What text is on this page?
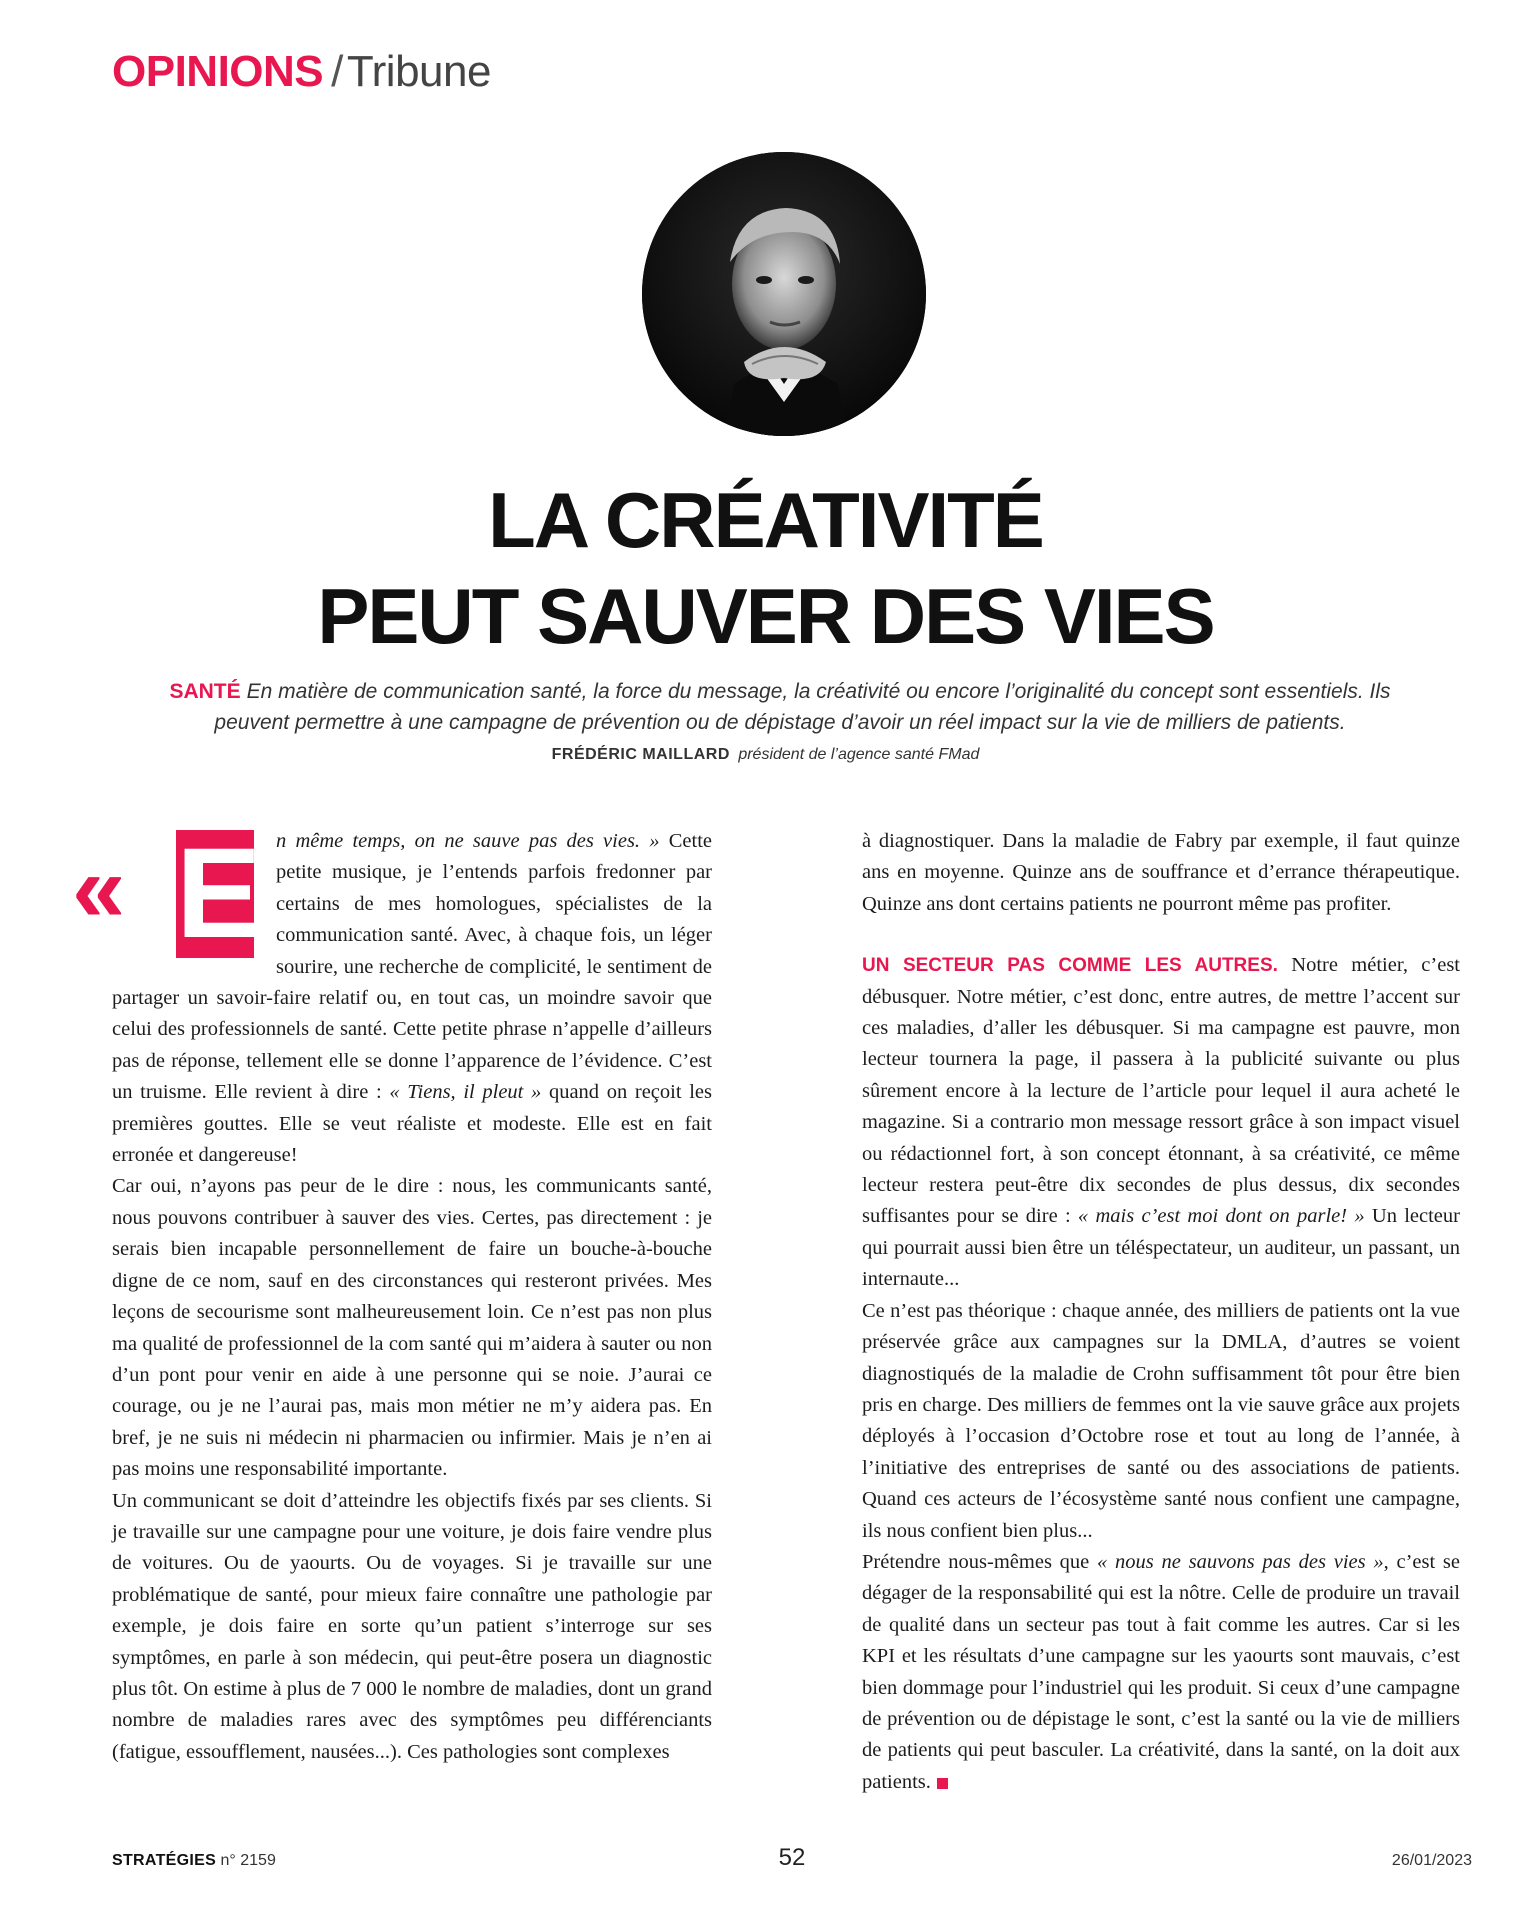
OPINIONS /Tribune
LA CRÉATIVITÉ
PEUT SAUVER DES VIES
SANTÉ En matière de communication santé, la force du message, la créativité ou encore l’originalité du concept sont essentiels. Ils peuvent permettre à une campagne de prévention ou de dépistage d’avoir un réel impact sur la vie de milliers de patients.
FRÉDÉRIC MAILLARD président de l’agence santé FMad
« E n même temps, on ne sauve pas des vies. » Cette petite musique, je l’entends parfois fredonner par certains de mes homologues, spécialistes de la communication santé. Avec, à chaque fois, un léger sourire, une recherche de complicité, le sentiment de partager un savoir-faire relatif ou, en tout cas, un moindre savoir que celui des professionnels de santé. Cette petite phrase n’appelle d’ailleurs pas de réponse, tellement elle se donne l’apparence de l’évidence. C’est un truisme. Elle revient à dire : « Tiens, il pleut » quand on reçoit les premières gouttes. Elle se veut réaliste et modeste. Elle est en fait erronée et dangereuse!

Car oui, n’ayons pas peur de le dire : nous, les communicants santé, nous pouvons contribuer à sauver des vies. Certes, pas directement : je serais bien incapable personnellement de faire un bouche-à-bouche digne de ce nom, sauf en des circonstances qui resteront privées. Mes leçons de secourisme sont malheureusement loin. Ce n’est pas non plus ma qualité de professionnel de la com santé qui m’aidera à sauter ou non d’un pont pour venir en aide à une personne qui se noie. J’aurai ce courage, ou je ne l’aurai pas, mais mon métier ne m’y aidera pas. En bref, je ne suis ni médecin ni pharmacien ou infirmier. Mais je n’en ai pas moins une responsabilité importante.

Un communicant se doit d’atteindre les objectifs fixés par ses clients. Si je travaille sur une campagne pour une voiture, je dois faire vendre plus de voitures. Ou de yaourts. Ou de voyages. Si je travaille sur une problématique de santé, pour mieux faire connaître une pathologie par exemple, je dois faire en sorte qu’un patient s’interroge sur ses symptômes, en parle à son médecin, qui peut-être posera un diagnostic plus tôt. On estime à plus de 7 000 le nombre de maladies, dont un grand nombre de maladies rares avec des symptômes peu différenciants (fatigue, essoufflement, nausées...). Ces pathologies sont complexes

à diagnostiquer. Dans la maladie de Fabry par exemple, il faut quinze ans en moyenne. Quinze ans de souffrance et d’errance thérapeutique. Quinze ans dont certains patients ne pourront même pas profiter.

UN SECTEUR PAS COMME LES AUTRES. Notre métier, c’est débusquer. Notre métier, c’est donc, entre autres, de mettre l’accent sur ces maladies, d’aller les débusquer. Si ma campagne est pauvre, mon lecteur tournera la page, il passera à la publicité suivante ou plus sûrement encore à la lecture de l’article pour lequel il aura acheté le magazine. Si a contrario mon message ressort grâce à son impact visuel ou rédactionnel fort, à son concept étonnant, à sa créativité, ce même lecteur restera peut-être dix secondes de plus dessus, dix secondes suffisantes pour se dire : « mais c’est moi dont on parle! » Un lecteur qui pourrait aussi bien être un téléspectateur, un auditeur, un passant, un internaute...

Ce n’est pas théorique : chaque année, des milliers de patients ont la vue préservée grâce aux campagnes sur la DMLA, d’autres se voient diagnostiqués de la maladie de Crohn suffisamment tôt pour être bien pris en charge. Des milliers de femmes ont la vie sauve grâce aux projets déployés à l’occasion d’Octobre rose et tout au long de l’année, à l’initiative des entreprises de santé ou des associations de patients. Quand ces acteurs de l’écosystème santé nous confient une campagne, ils nous confient bien plus...

Prétendre nous-mêmes que « nous ne sauvons pas des vies », c’est se dégager de la responsabilité qui est la nôtre. Celle de produire un travail de qualité dans un secteur pas tout à fait comme les autres. Car si les KPI et les résultats d’une campagne sur les yaourts sont mauvais, c’est bien dommage pour l’industriel qui les produit. Si ceux d’une campagne de prévention ou de dépistage le sont, c’est la santé ou la vie de milliers de patients qui peut basculer. La créativité, dans la santé, on la doit aux patients.

STRATÉGIES n° 2159	52	26/01/2023
